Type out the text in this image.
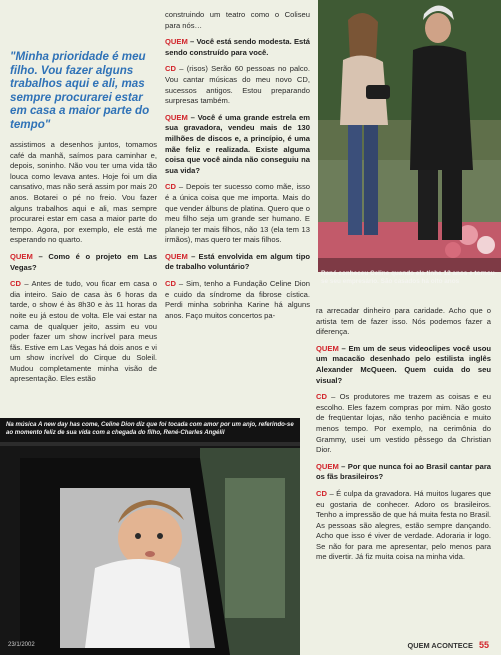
"Minha prioridade é meu filho. Vou fazer alguns trabalhos aqui e ali, mas sempre procurarei estar em casa a maior parte do tempo"

assistimos a desenhos juntos, tomamos café da manhã, saímos para caminhar e, depois, soninho. Não vou ter uma vida tão louca como levava antes. Hoje foi um dia cansativo, mas não será assim por mais 20 anos. Botarei o pé no freio. Vou fazer alguns trabalhos aqui e ali, mas sempre procurarei estar em casa a maior parte do tempo. Agora, por exemplo, ele está me esperando no quarto.

QUEM – Como é o projeto em Las Vegas?

CD – Antes de tudo, vou ficar em casa o dia inteiro. Saio de casa às 6 horas da tarde, o show é às 8h30 e às 11 horas da noite eu já estou de volta. Ele vai estar na cama de qualquer jeito, assim eu vou poder fazer um show incrível para meus fãs. Estive em Las Vegas há dois anos e vi um show incrível do Cirque du Soleil. Mudou completamente minha visão de apresentação. Eles estão

construindo um teatro como o Coliseu para nós…

QUEM – Você está sendo modesta. Está sendo construído para você.

CD – (risos) Serão 60 pessoas no palco. Vou cantar músicas do meu novo CD, sucessos antigos. Estou preparando surpresas também.

QUEM – Você é uma grande estrela em sua gravadora, vendeu mais de 130 milhões de discos e, a princípio, é uma mãe feliz e realizada. Existe alguma coisa que você ainda não conseguiu na sua vida?

CD – Depois ter sucesso como mãe, isso é a única coisa que me importa. Mais do que vender álbuns de platina. Quero que o meu filho seja um grande ser humano. E planejo ter mais filhos, não 13 (ela tem 13 irmãos), mas quero ter mais filhos.

QUEM – Está envolvida em algum tipo de trabalho voluntário?

CD – Sim, tenho a Fundação Celine Dion e cuido da síndrome da fibrose cística. Perdi minha sobrinha Karine há alguns anos. Faço muitos concertos pa-

ra arrecadar dinheiro para caridade. Acho que o artista tem de fazer isso. Nós podemos fazer a diferença.

QUEM – Em um de seus videoclipes você usou um macacão desenhado pelo estilista inglês Alexander McQueen. Quem cuida do seu visual?

CD – Os produtores me trazem as coisas e eu escolho. Eles fazem compras por mim. Não gosto de freqüentar lojas, não tenho paciência e muito menos tempo. Por exemplo, na cerimônia do Grammy, usei um vestido pêssego da Christian Dior.

QUEM – Por que nunca foi ao Brasil cantar para os fãs brasileiros?

CD – É culpa da gravadora. Há muitos lugares que eu gostaria de conhecer. Adoro os brasileiros. Tenho a impressão de que há muita festa no Brasil. As pessoas são alegres, estão sempre dançando. Acho que isso é viver de verdade. Adoraria ir logo. Se não for para me apresentar, pelo menos para me divertir. Já fiz muita coisa na minha vida.

René conheceu Celine quando ela tinha 12 anos e tornou-se seu empresário. São casados há oito anos
Na música A new day has come, Celine Dion diz que foi tocada com amor por um anjo, referindo-se ao momento feliz de sua vida com a chegada do filho, René-Charles Angélil
23/1/2002	QUEM ACONTECE 55
